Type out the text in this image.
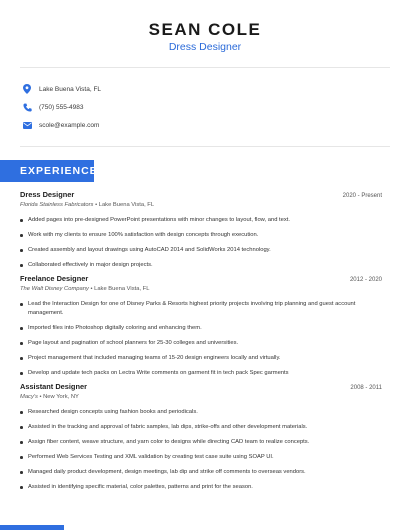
SEAN COLE
Dress Designer
Lake Buena Vista, FL
(750) 555-4983
scole@example.com
EXPERIENCE
Dress Designer	2020 - Present
Florida Stainless Fabricators • Lake Buena Vista, FL
Added pages into pre-designed PowerPoint presentations with minor changes to layout, flow, and text.
Work with my clients to ensure 100% satisfaction with design concepts through execution.
Created assembly and layout drawings using AutoCAD 2014 and SolidWorks 2014 technology.
Collaborated effectively in major design projects.
Freelance Designer	2012 - 2020
The Walt Disney Company • Lake Buena Vista, FL
Lead the Interaction Design for one of Disney Parks & Resorts highest priority projects involving trip planning and guest account management.
Imported files into Photoshop digitally coloring and enhancing them.
Page layout and pagination of school planners for 25-30 colleges and universities.
Project management that included managing teams of 15-20 design engineers locally and virtually.
Develop and update tech packs on Lectra Write comments on garment fit in tech pack Spec garments
Assistant Designer	2008 - 2011
Macy's • New York, NY
Researched design concepts using fashion books and periodicals.
Assisted in the tracking and approval of fabric samples, lab dips, strike-offs and other development materials.
Assign fiber content, weave structure, and yarn color to designs while directing CAD team to realize concepts.
Performed Web Services Testing and XML validation by creating test case suite using SOAP UI.
Managed daily product development, design meetings, lab dip and strike off comments to overseas vendors.
Assisted in identifying specific material, color palettes, patterns and print for the season.
